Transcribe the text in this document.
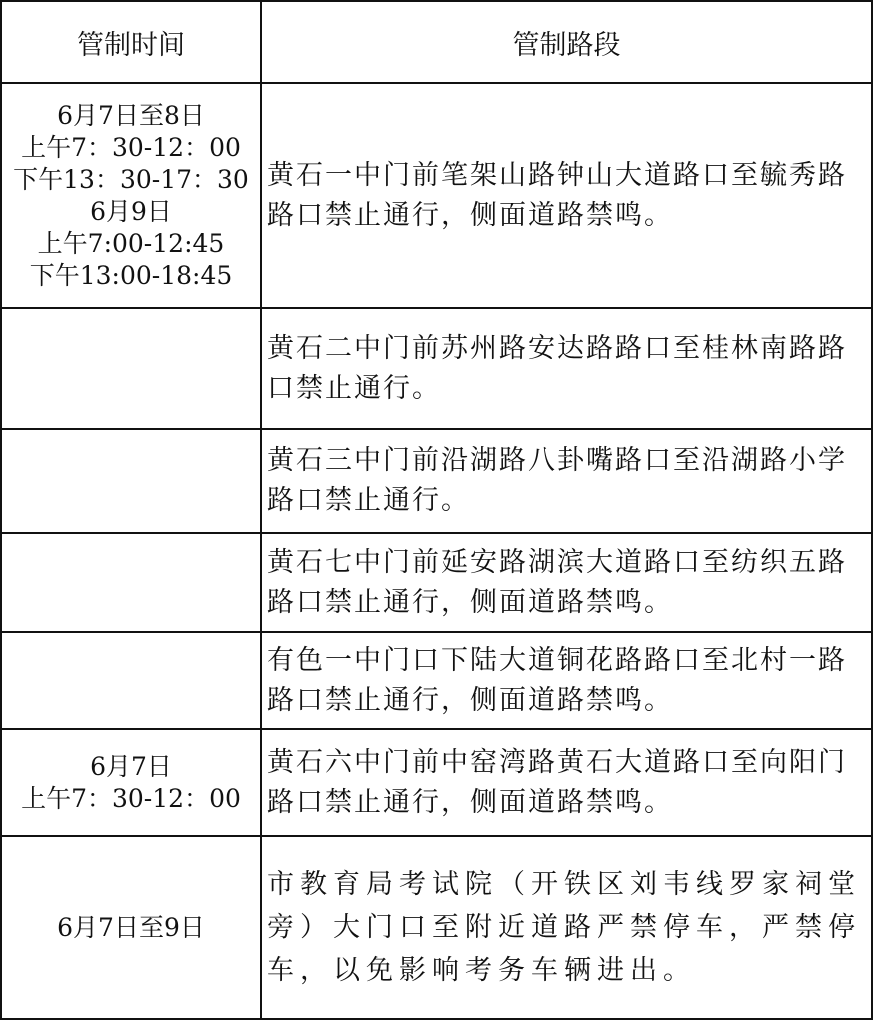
管制时间	管制路段
6月7日至8日
上午7：30-12：00
下午13：30-17：30
6月9日
上午7:00-12:45
下午13:00-18:45
黄石一中门前笔架山路钟山大道路口至毓秀路路口禁止通行，侧面道路禁鸣。
黄石二中门前苏州路安达路路口至桂林南路路口禁止通行。
黄石三中门前沿湖路八卦嘴路口至沿湖路小学路口禁止通行。
黄石七中门前延安路湖滨大道路口至纺织五路路口禁止通行，侧面道路禁鸣。
有色一中门口下陆大道铜花路路口至北村一路路口禁止通行，侧面道路禁鸣。
6月7日
上午7：30-12：00
黄石六中门前中窑湾路黄石大道路口至向阳门路口禁止通行，侧面道路禁鸣。
6月7日至9日
市教育局考试院（开铁区刘韦线罗家祠堂旁）大门口至附近道路严禁停车，严禁停车，以免影响考务车辆进出。
